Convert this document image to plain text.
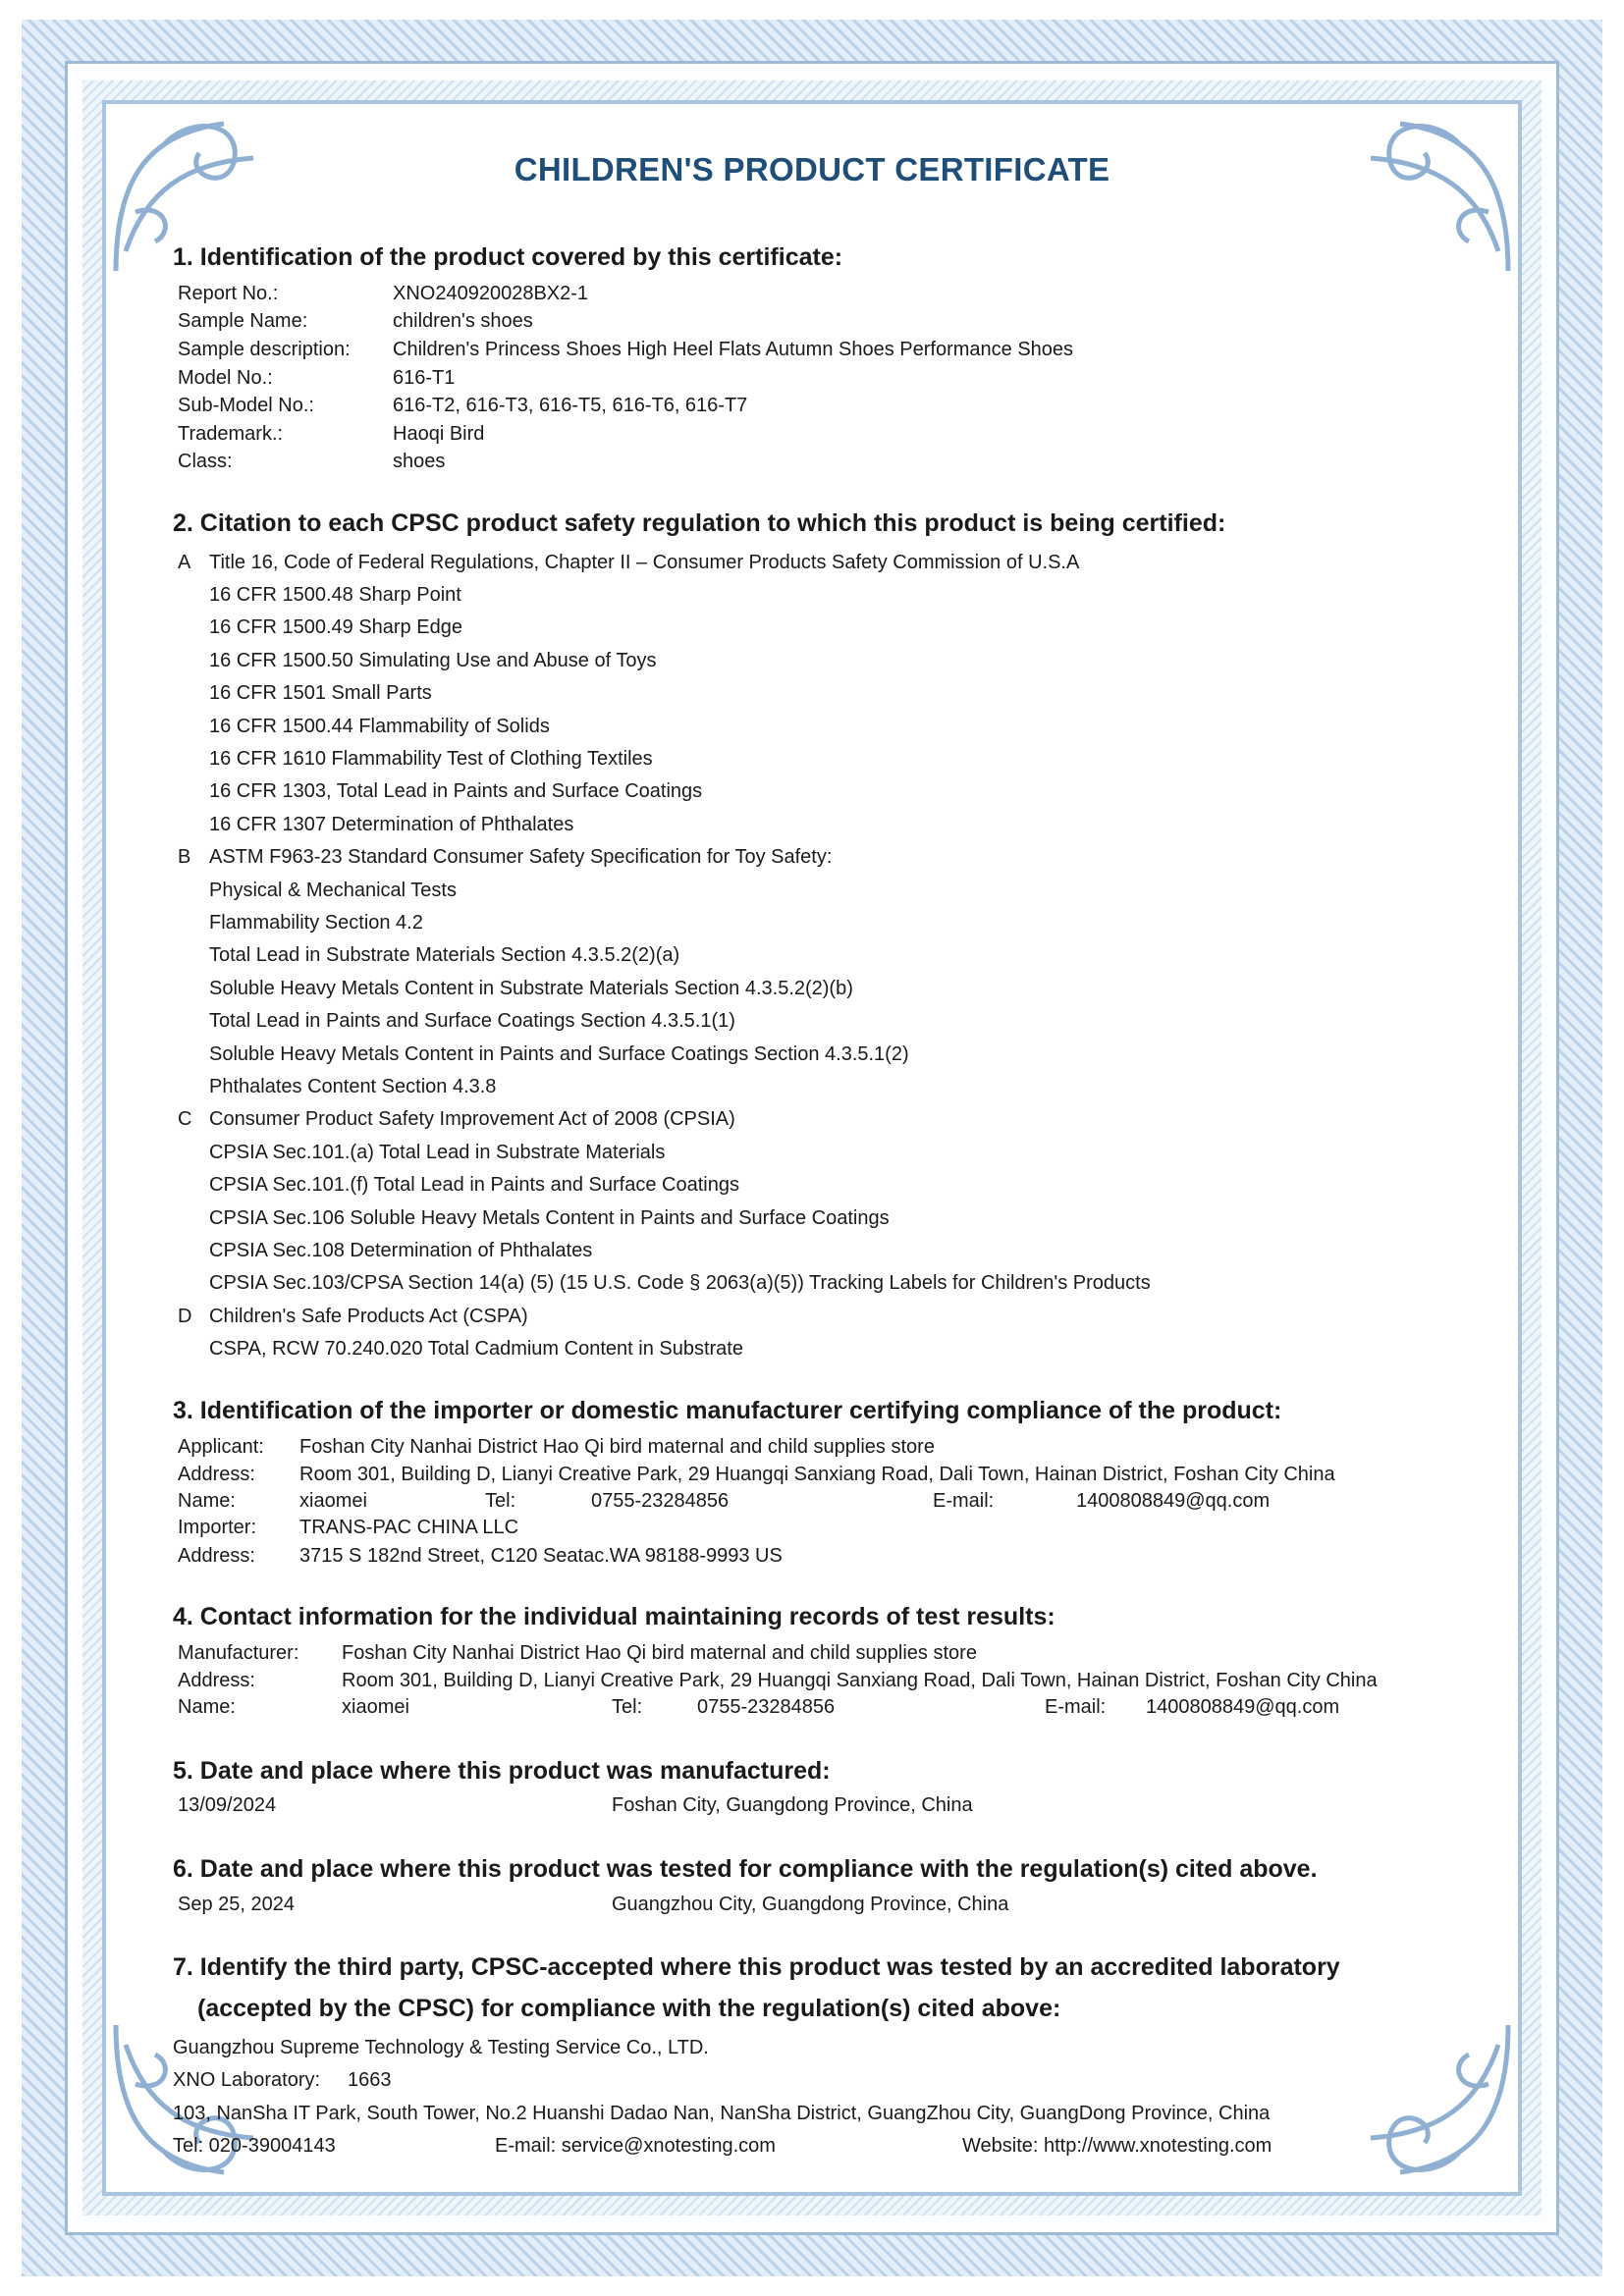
CHILDREN'S PRODUCT CERTIFICATE
1. Identification of the product covered by this certificate:
Report No.:	XNO240920028BX2-1
Sample Name:	children's shoes
Sample description: Children's Princess Shoes High Heel Flats Autumn Shoes Performance Shoes
Model No.:	616-T1
Sub-Model No.:	616-T2, 616-T3, 616-T5, 616-T6, 616-T7
Trademark.:	Haoqi Bird
Class:	shoes
2. Citation to each CPSC product safety regulation to which this product is being certified:
A Title 16, Code of Federal Regulations, Chapter II – Consumer Products Safety Commission of U.S.A
16 CFR 1500.48 Sharp Point
16 CFR 1500.49 Sharp Edge
16 CFR 1500.50 Simulating Use and Abuse of Toys
16 CFR 1501 Small Parts
16 CFR 1500.44 Flammability of Solids
16 CFR 1610 Flammability Test of Clothing Textiles
16 CFR 1303, Total Lead in Paints and Surface Coatings
16 CFR 1307 Determination of Phthalates
B ASTM F963-23 Standard Consumer Safety Specification for Toy Safety:
Physical & Mechanical Tests
Flammability Section 4.2
Total Lead in Substrate Materials Section 4.3.5.2(2)(a)
Soluble Heavy Metals Content in Substrate Materials Section 4.3.5.2(2)(b)
Total Lead in Paints and Surface Coatings Section 4.3.5.1(1)
Soluble Heavy Metals Content in Paints and Surface Coatings Section 4.3.5.1(2)
Phthalates Content Section 4.3.8
C Consumer Product Safety Improvement Act of 2008 (CPSIA)
CPSIA Sec.101.(a) Total Lead in Substrate Materials
CPSIA Sec.101.(f) Total Lead in Paints and Surface Coatings
CPSIA Sec.106 Soluble Heavy Metals Content in Paints and Surface Coatings
CPSIA Sec.108 Determination of Phthalates
CPSIA Sec.103/CPSA Section 14(a) (5) (15 U.S. Code § 2063(a)(5)) Tracking Labels for Children's Products
D Children's Safe Products Act (CSPA)
CSPA, RCW 70.240.020 Total Cadmium Content in Substrate
3. Identification of the importer or domestic manufacturer certifying compliance of the product:
Applicant: Foshan City Nanhai District Hao Qi bird maternal and child supplies store
Address: Room 301, Building D, Lianyi Creative Park, 29 Huangqi Sanxiang Road, Dali Town, Hainan District, Foshan City China
Name:	xiaomei	Tel:	0755-23284856	E-mail:	1400808849@qq.com
Importer: TRANS-PAC CHINA LLC
Address: 3715 S 182nd Street, C120 Seatac.WA 98188-9993 US
4. Contact information for the individual maintaining records of test results:
Manufacturer: Foshan City Nanhai District Hao Qi bird maternal and child supplies store
Address:	Room 301, Building D, Lianyi Creative Park, 29 Huangqi Sanxiang Road, Dali Town, Hainan District, Foshan City China
Name:	xiaomei	Tel:	0755-23284856	E-mail: 1400808849@qq.com
5. Date and place where this product was manufactured:
13/09/2024	Foshan City, Guangdong Province, China
6. Date and place where this product was tested for compliance with the regulation(s) cited above.
Sep 25, 2024	Guangzhou City, Guangdong Province, China
7. Identify the third party, CPSC-accepted where this product was tested by an accredited laboratory
(accepted by the CPSC) for compliance with the regulation(s) cited above:
Guangzhou Supreme Technology & Testing Service Co., LTD.
XNO Laboratory: 1663
103, NanSha IT Park, South Tower, No.2 Huanshi Dadao Nan, NanSha District, GuangZhou City, GuangDong Province, China
Tel: 020-39004143	E-mail: service@xnotesting.com	Website: http://www.xnotesting.com
